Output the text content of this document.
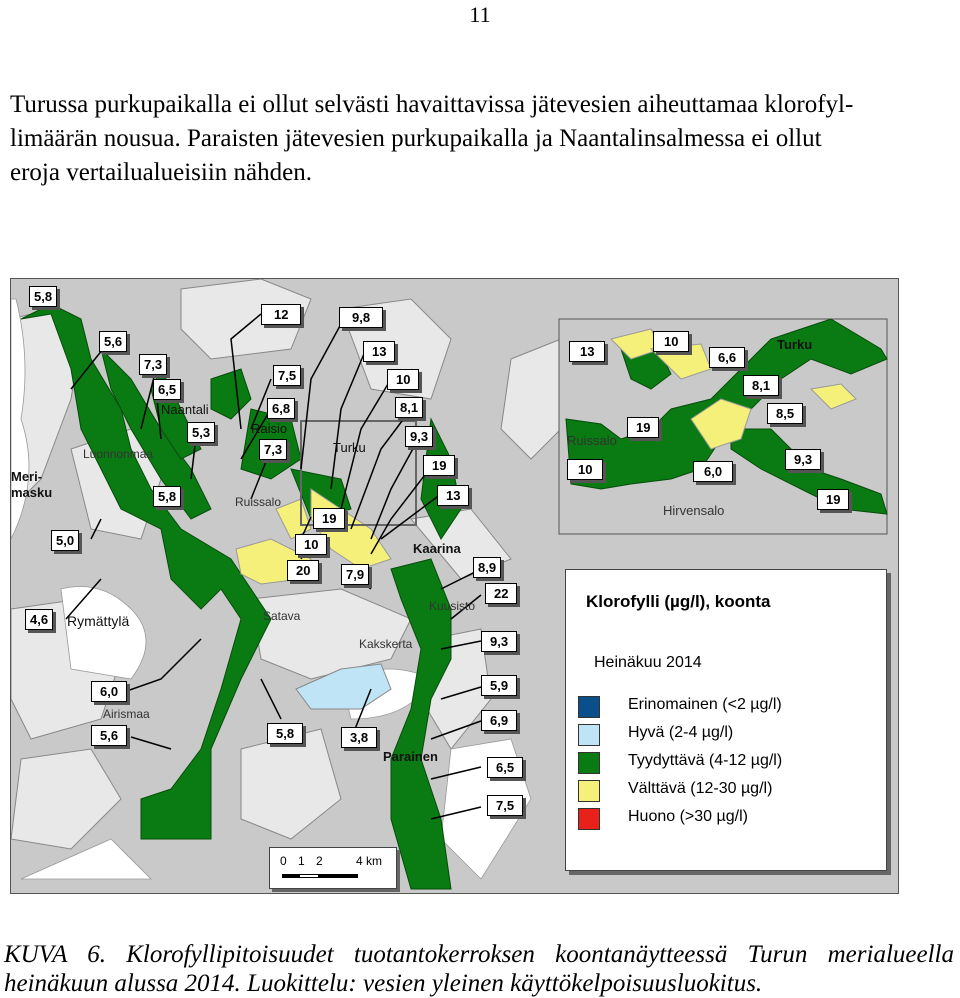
11
Turussa purkupaikalla ei ollut selvästi havaittavissa jätevesien aiheuttamaa klorofyl-
limäärän nousua. Paraisten jätevesien purkupaikalla ja Naantalinsalmessa ei ollut
eroja vertailualueisiin nähden.
5,8
5,6
7,3
6,5
5,3
5,8
12
7,5
6,8
7,3
9,8
13
10
8,1
9,3
19
13
19
10
20	7,9
5,0
4,6
8,9
22
9,3
5,9
6,9
6,5
7,5
6,0
5,6	5,8	3,8
13
10
6,6
8,1
8,5
19
10	6,0
9,3
19
Meri-
masku
Luonnonmaa
Naantali
Raisio
Turku
Ruissalo
Kaarina
Kuusisto
Satava
Rymättylä
Kakskerta
Airismaa
Parainen
Turku
Ruissalo
Hirvensalo
Klorofylli (µg/l), koonta
Heinäkuu 2014
Erinomainen (<2 µg/l)
Hyvä (2-4 µg/l)
Tyydyttävä (4-12 µg/l)
Välttävä (12-30 µg/l)
Huono (>30 µg/l)
0 1 2	4 km
KUVA 6. Klorofyllipitoisuudet tuotantokerroksen koontanäytteessä Turun merialueella
heinäkuun alussa 2014. Luokittelu: vesien yleinen käyttökelpoisuusluokitus.
